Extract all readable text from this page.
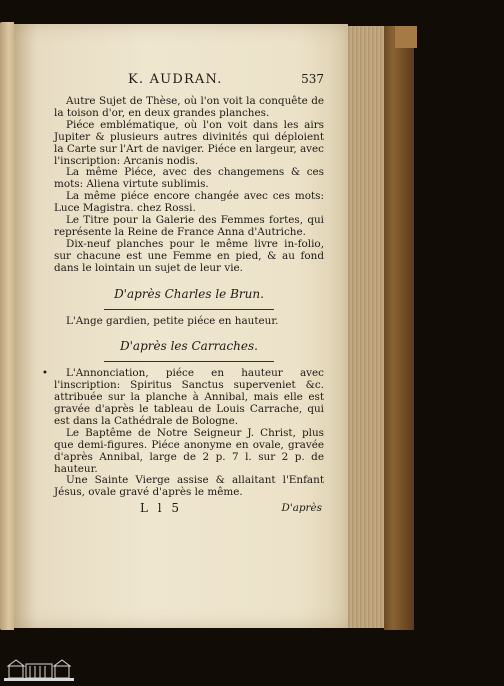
K. AUDRAN.	537

Autre Sujet de Thèse, où l'on voit la conquête de la toison d'or, en deux grandes planches.

Piéce emblématique, où l'on voit dans les airs Jupiter & plusieurs autres divinités qui déploient la Carte sur l'Art de naviger. Piéce en largeur, avec l'inscription: Arcanis nodis.

La même Piéce, avec des changemens & ces mots: Aliena virtute sublimis.

La même piéce encore changée avec ces mots: Luce Magistra. chez Rossi.

Le Titre pour la Galerie des Femmes fortes, qui représente la Reine de France Anna d'Autriche.

Dix-neuf planches pour le même livre in-folio, sur chacune est une Femme en pied, & au fond dans le lointain un sujet de leur vie.

D'après Charles le Brun.

L'Ange gardien, petite piéce en hauteur.

D'après les Carraches.
•	L'Annonciation, piéce en hauteur avec l'inscription: Spiritus Sanctus superveniet &c. attribuée sur la planche à Annibal, mais elle est gravée d'après le tableau de Louis Carrache, qui est dans la Cathédrale de Bologne.

Le Baptême de Notre Seigneur J. Christ, plus que demi-figures. Piéce anonyme en ovale, gravée d'après Annibal, large de 2 p. 7 l. sur 2 p. de hauteur.

Une Sainte Vierge assise & allaitant l'Enfant Jésus, ovale gravé d'après le même.

L l 5	D'après
